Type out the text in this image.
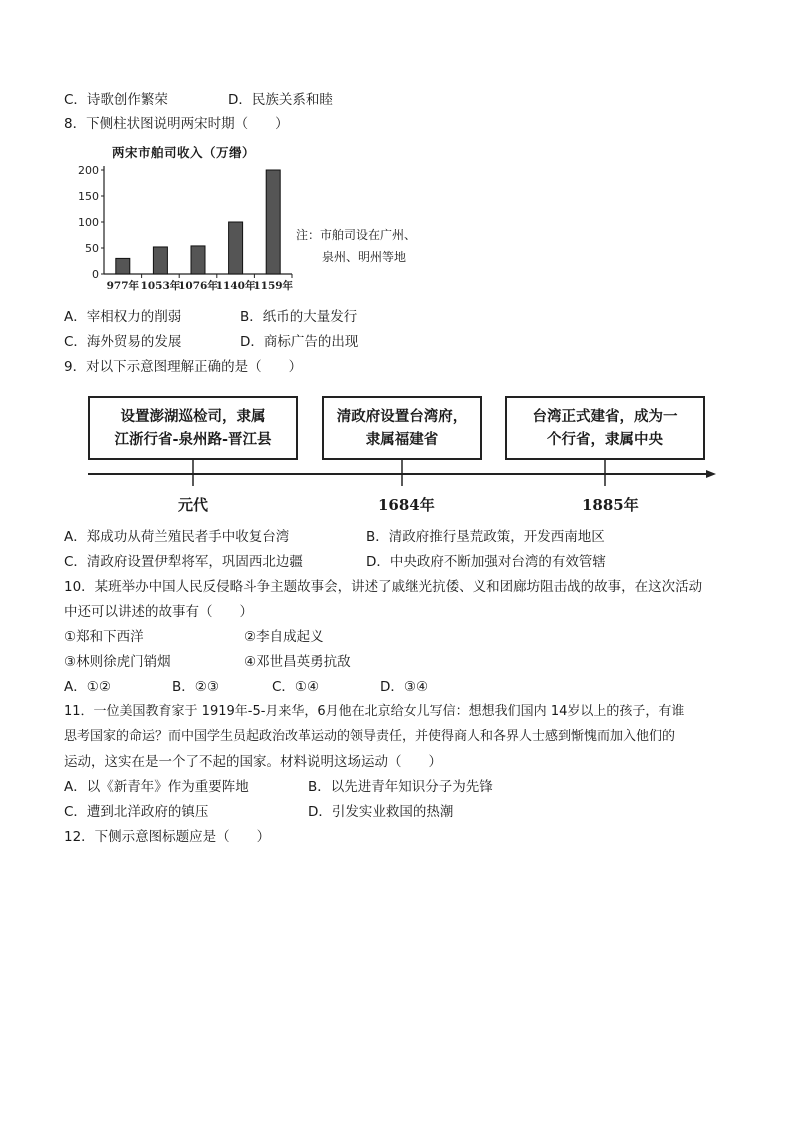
C．诗歌创作繁荣	D．民族关系和睦
8．下侧柱状图说明两宋时期（　　）
两宋市舶司收入（万缗）
0
50
100
150
200
977年 1053年
1076年
1140年
1159年
注：市舶司设在广州、
泉州、明州等地
A．宰相权力的削弱	B．纸币的大量发行
C．海外贸易的发展	D．商标广告的出现
9．对以下示意图理解正确的是（　　）
设置澎湖巡检司，隶属
江浙行省-泉州路-晋江县
清政府设置台湾府，
隶属福建省
台湾正式建省，成为一
个行省，隶属中央
元代	1684年	1885年
A．郑成功从荷兰殖民者手中收复台湾	B．清政府推行垦荒政策，开发西南地区
C．清政府设置伊犁将军，巩固西北边疆	D．中央政府不断加强对台湾的有效管辖
10．某班举办中国人民反侵略斗争主题故事会，讲述了戚继光抗倭、义和团廊坊阻击战的故事，在这次活动
中还可以讲述的故事有（　　）
①郑和下西洋	②李自成起义
③林则徐虎门销烟	④邓世昌英勇抗敌
A．①②	B．②③	C．①④	D．③④
11．一位美国教育家于 1919年-5-月来华，6月他在北京给女儿写信：想想我们国内 14岁以上的孩子，有谁
思考国家的命运？而中国学生员起政治改革运动的领导责任，并使得商人和各界人士感到惭愧而加入他们的
运动，这实在是一个了不起的国家。材料说明这场运动（　　）
A．以《新青年》作为重要阵地	B．以先进青年知识分子为先锋
C．遭到北洋政府的镇压	D．引发实业救国的热潮
12．下侧示意图标题应是（　　）
